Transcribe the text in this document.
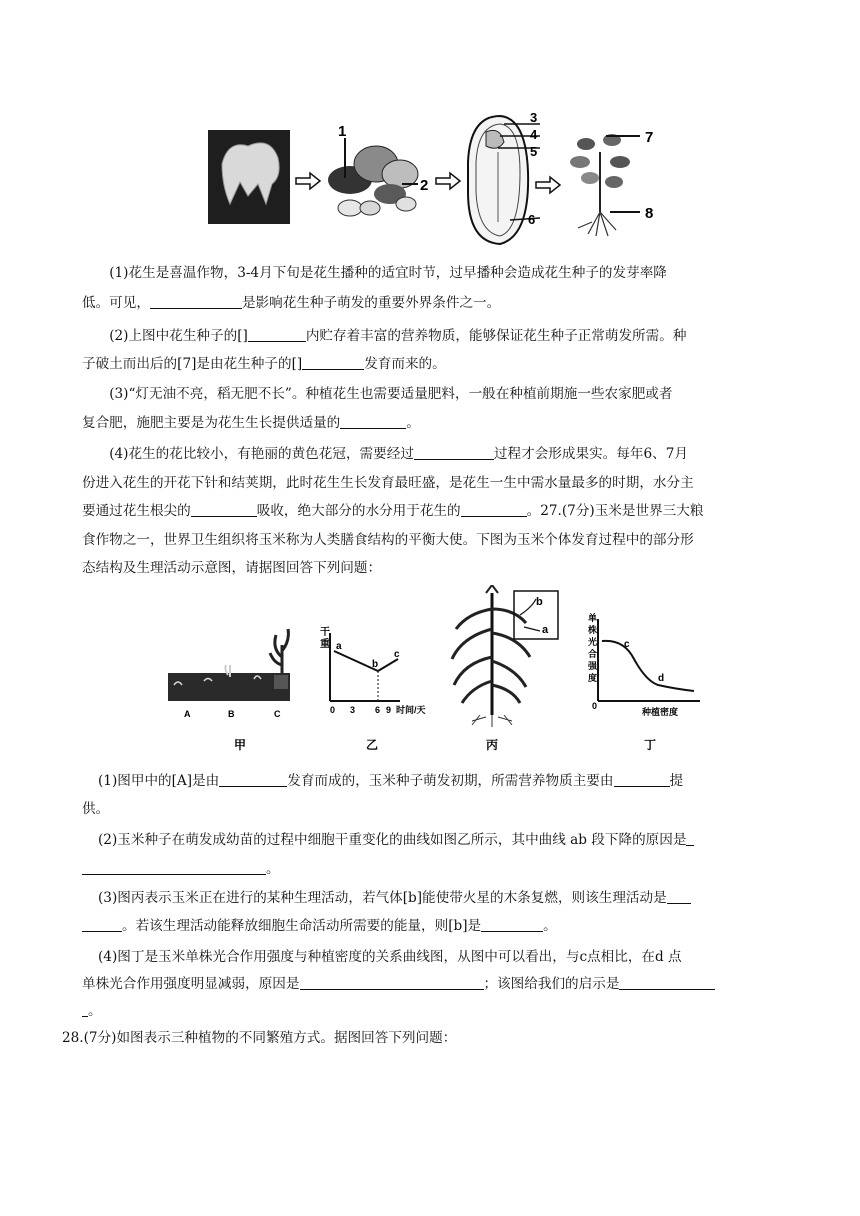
1
2
3
4
5
6
7
8

(1)花生是喜温作物，3-4月下旬是花生播种的适宜时节，过早播种会造成花生种子的发芽率降

低。可见，	是影响花生种子萌发的重要外界条件之一。

(2)上图中花生种子的[]	内贮存着丰富的营养物质，能够保证花生种子正常萌发所需。种

子破土而出后的[7]是由花生种子的[]	发育而来的。

(3)“灯无油不亮，稻无肥不长”。种植花生也需要适量肥料，一般在种植前期施一些农家肥或者

复合肥，施肥主要是为花生生长提供适量的	。

(4)花生的花比较小，有艳丽的黄色花冠，需要经过	过程才会形成果实。每年6、7月

份进入花生的开花下针和结荚期，此时花生生长发育最旺盛，是花生一生中需水量最多的时期，水分主

要通过花生根尖的	吸收，绝大部分的水分用于花生的	。27.(7分)玉米是世界三大粮

食作物之一，世界卫生组织将玉米称为人类膳食结构的平衡大使。下图为玉米个体发育过程中的部分形

态结构及生理活动示意图，请据图回答下列问题：

A	B	C
甲
干
重 a
b
c
0 3 6 9 时间/天
乙
b
a
丙
单
株
光
合
强
度
0
c
d
种植密度
丁

(1)图甲中的[A]是由	发育而成的，玉米种子萌发初期，所需营养物质主要由	提

供。

(2)玉米种子在萌发成幼苗的过程中细胞干重变化的曲线如图乙所示，其中曲线 ab 段下降的原因是

。

(3)图丙表示玉米正在进行的某种生理活动，若气体[b]能使带火星的木条复燃，则该生理活动是

。若该生理活动能释放细胞生命活动所需要的能量，则[b]是	。

(4)图丁是玉米单株光合作用强度与种植密度的关系曲线图，从图中可以看出，与c点相比，在d 点

单株光合作用强度明显减弱，原因是	；该图给我们的启示是

。

28.(7分)如图表示三种植物的不同繁殖方式。据图回答下列问题：
